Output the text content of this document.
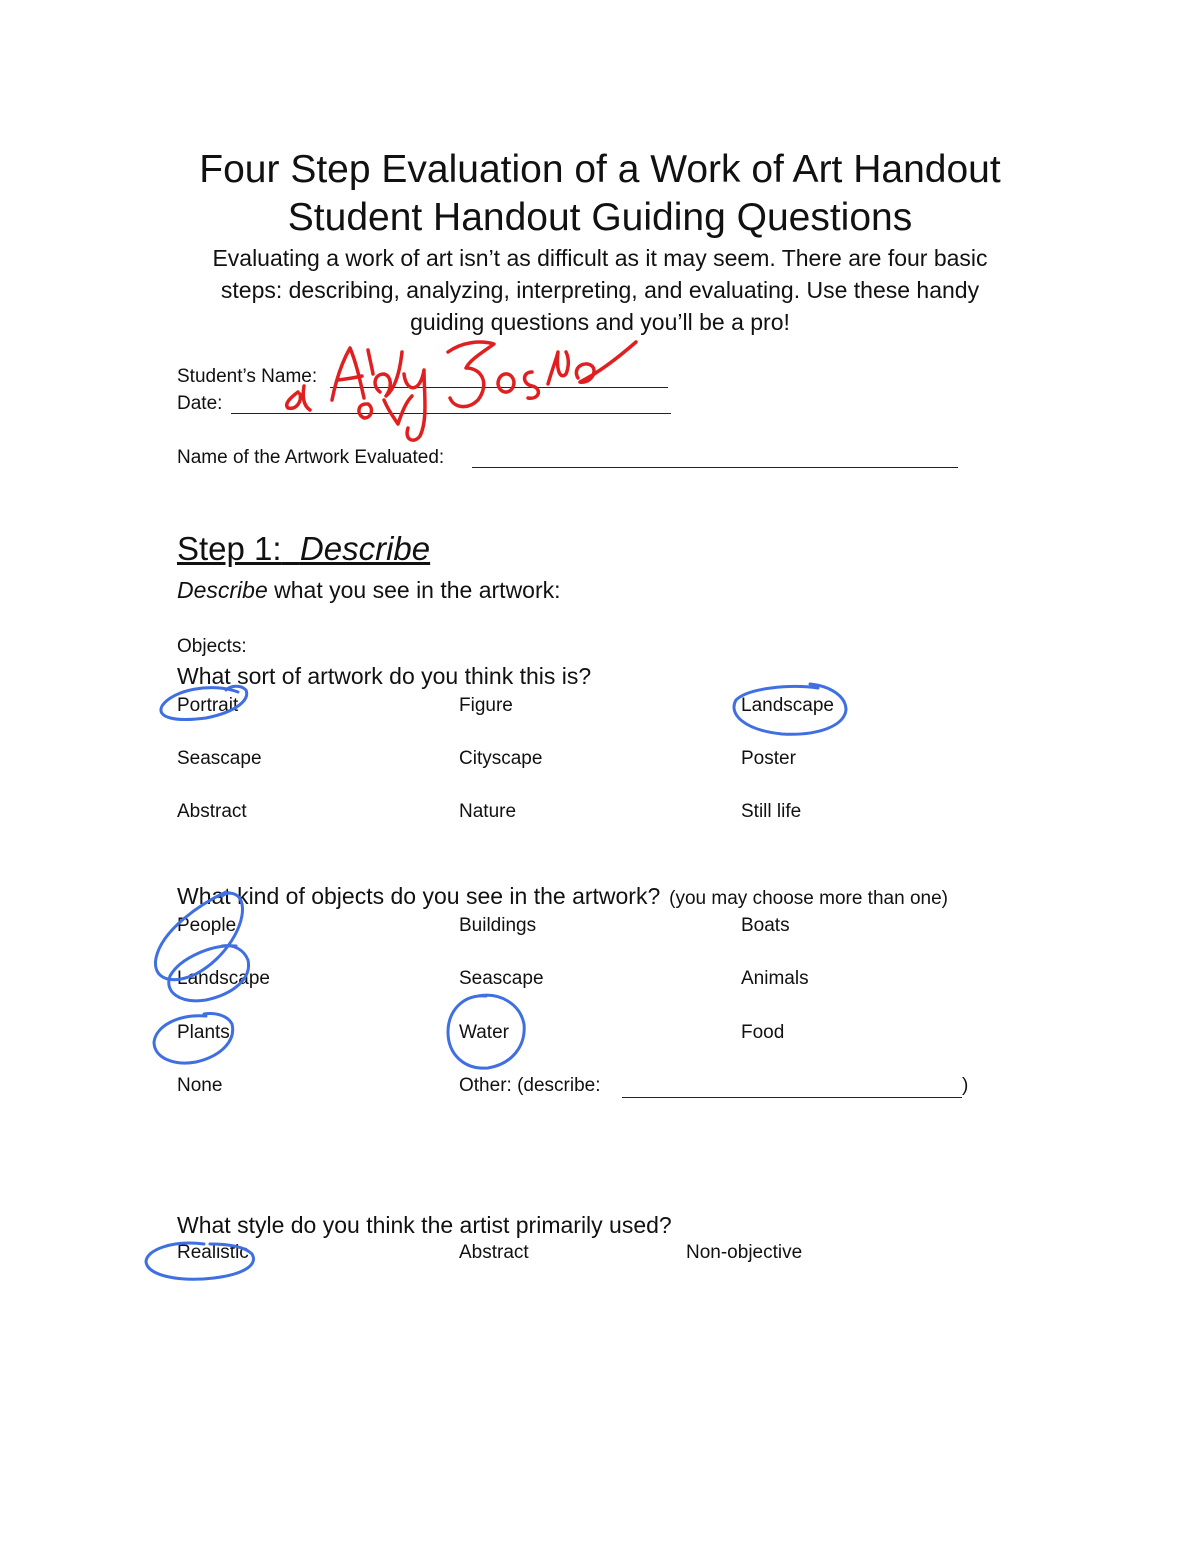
Four Step Evaluation of a Work of Art Handout
Student Handout Guiding Questions
Evaluating a work of art isn’t as difficult as it may seem. There are four basic
steps: describing, analyzing, interpreting, and evaluating. Use these handy
guiding questions and you’ll be a pro!
Student’s Name:
Date:
Name of the Artwork Evaluated:
Step 1: Describe
Describe what you see in the artwork:
Objects:
What sort of artwork do you think this is?
Portrait	Figure	Landscape
Seascape	Cityscape	Poster
Abstract	Nature	Still life
What kind of objects do you see in the artwork? (you may choose more than one)
People	Buildings	Boats
Landscape	Seascape	Animals
Plants	Water	Food
None	Other: (describe:	)
What style do you think the artist primarily used?
Realistic	Abstract	Non-objective
